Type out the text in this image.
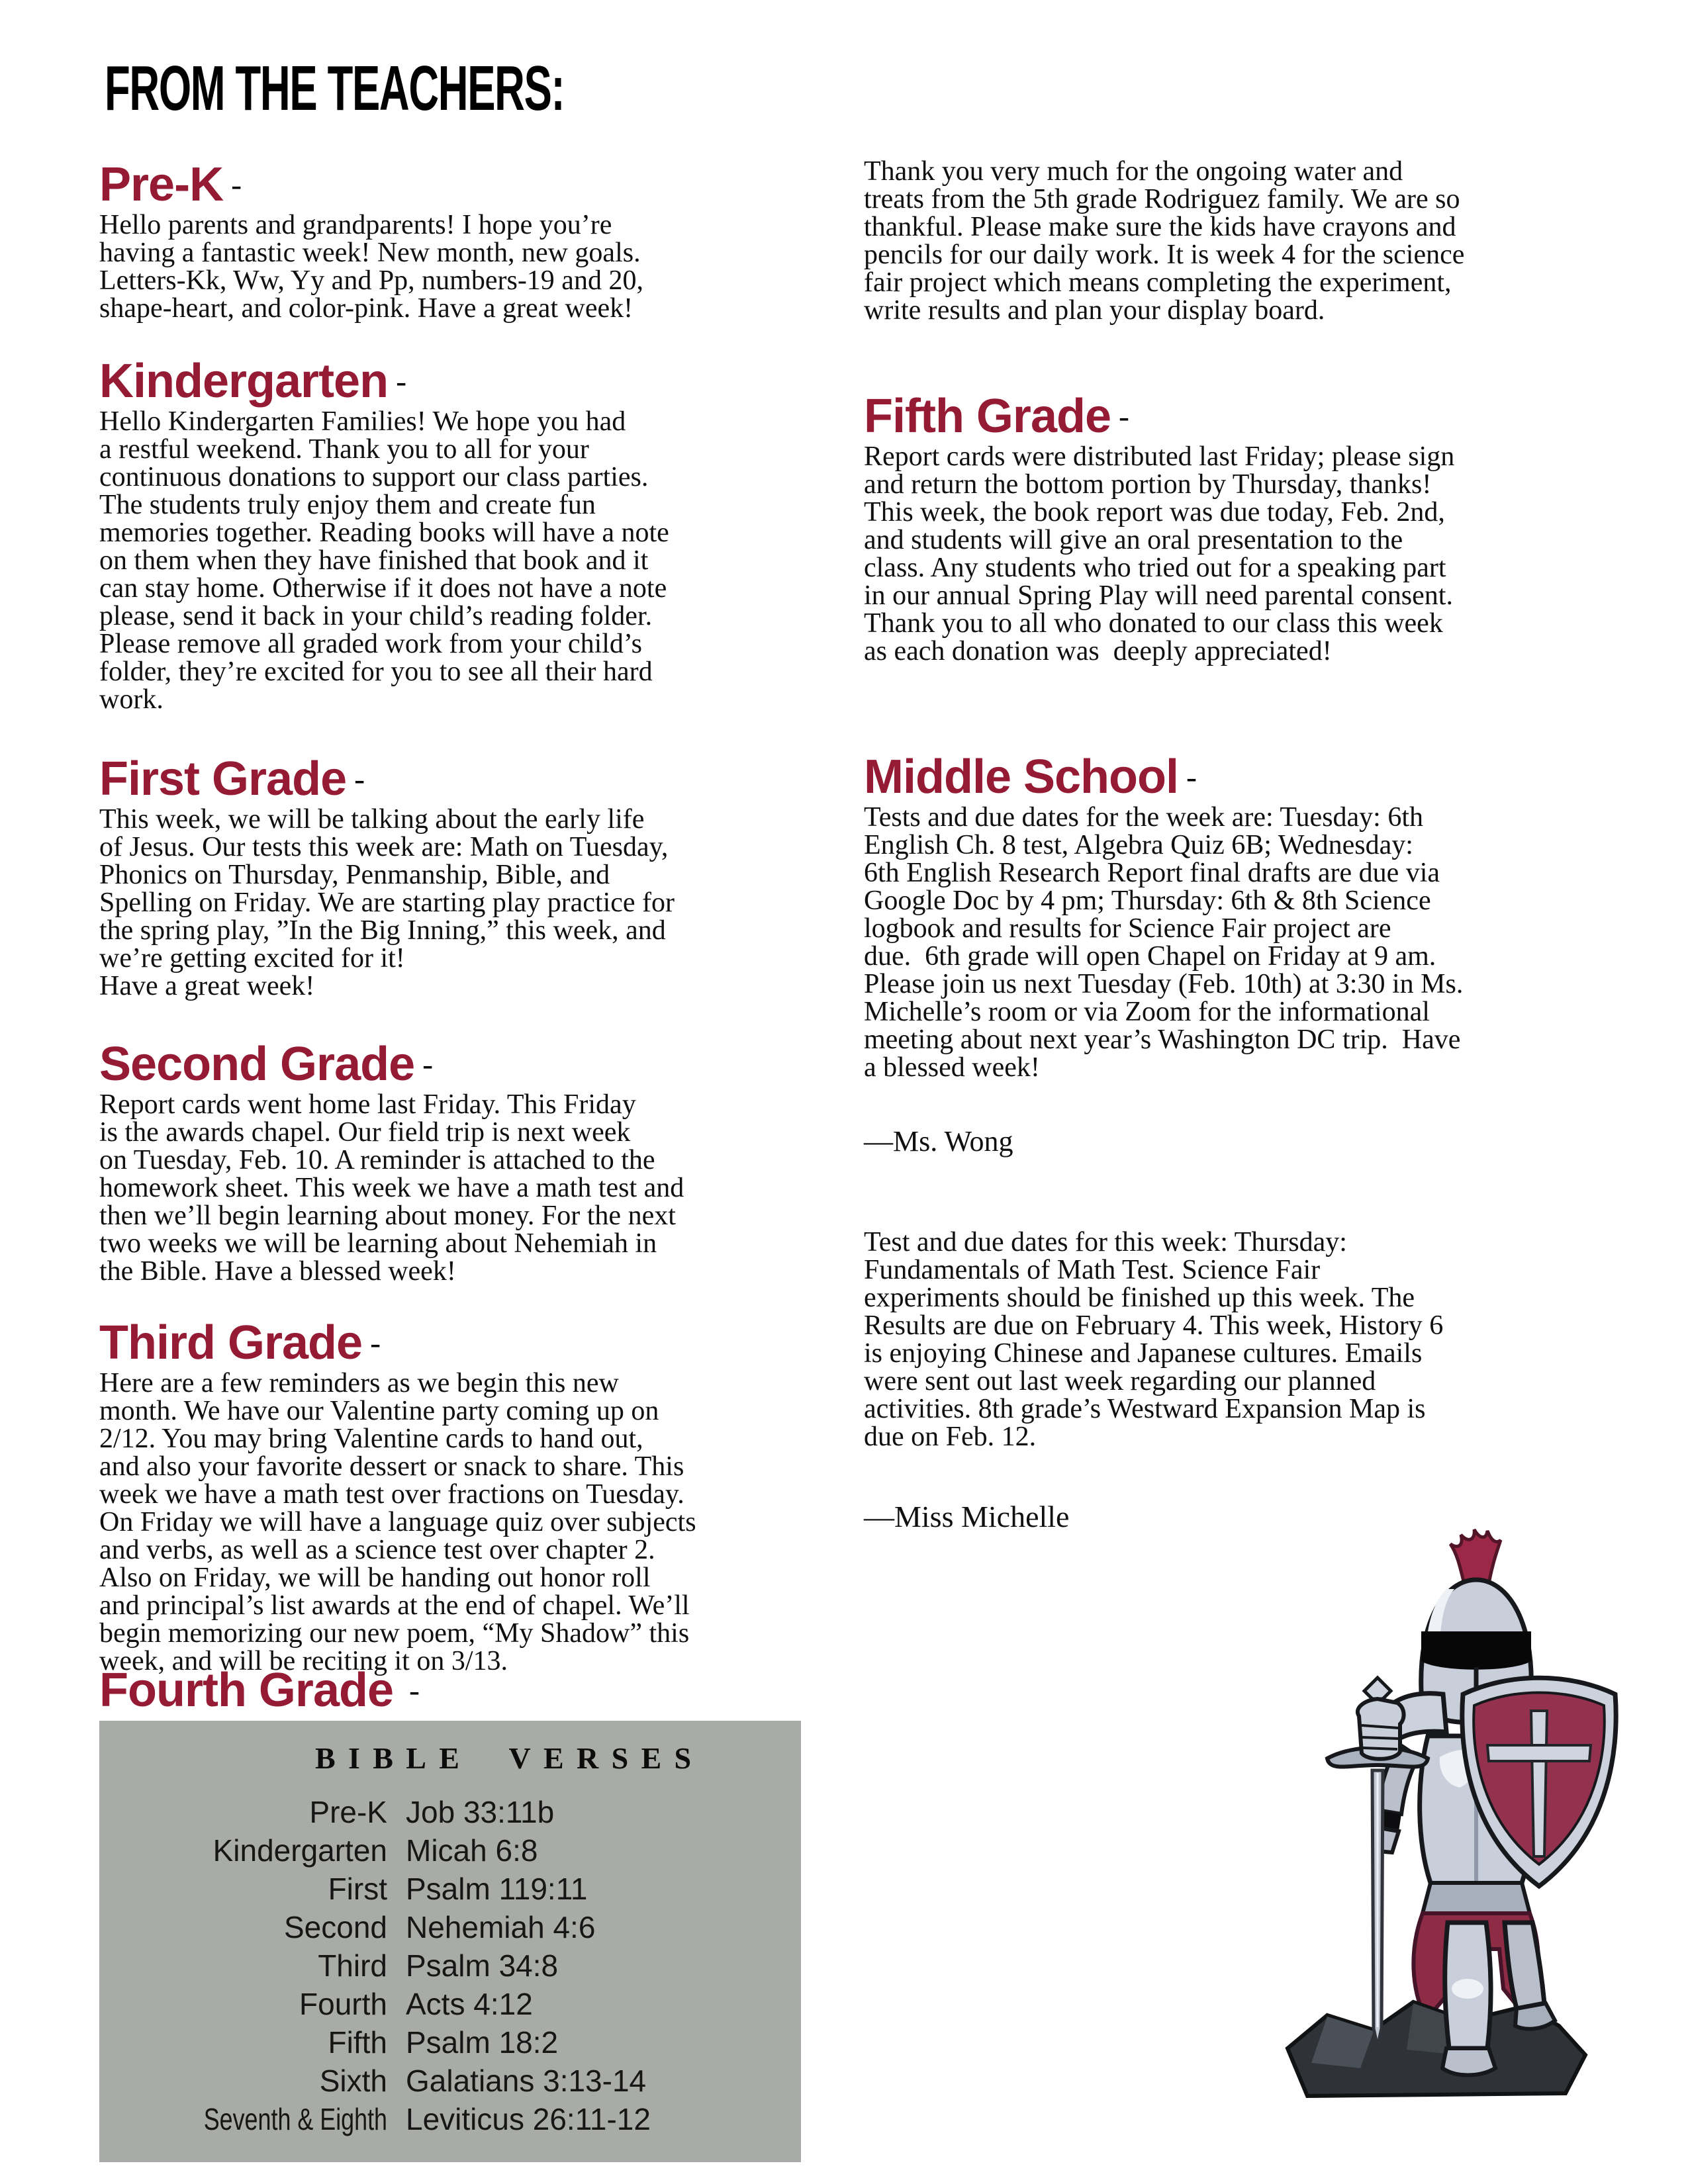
FROM THE TEACHERS:
Pre-K -
Hello parents and grandparents! I hope you’re
having a fantastic week! New month, new goals.
Letters-Kk, Ww, Yy and Pp, numbers-19 and 20,
shape-heart, and color-pink. Have a great week!
Kindergarten -
Hello Kindergarten Families! We hope you had
a restful weekend. Thank you to all for your
continuous donations to support our class parties.
The students truly enjoy them and create fun
memories together. Reading books will have a note
on them when they have finished that book and it
can stay home. Otherwise if it does not have a note
please, send it back in your child’s reading folder.
Please remove all graded work from your child’s
folder, they’re excited for you to see all their hard
work.
First Grade -
This week, we will be talking about the early life
of Jesus. Our tests this week are: Math on Tuesday,
Phonics on Thursday, Penmanship, Bible, and
Spelling on Friday. We are starting play practice for
the spring play, ”In the Big Inning,” this week, and
we’re getting excited for it!
Have a great week!
Second Grade -
Report cards went home last Friday. This Friday
is the awards chapel. Our field trip is next week
on Tuesday, Feb. 10. A reminder is attached to the
homework sheet. This week we have a math test and
then we’ll begin learning about money. For the next
two weeks we will be learning about Nehemiah in
the Bible. Have a blessed week!
Third Grade -
Here are a few reminders as we begin this new
month. We have our Valentine party coming up on
2/12. You may bring Valentine cards to hand out,
and also your favorite dessert or snack to share. This
week we have a math test over fractions on Tuesday.
On Friday we will have a language quiz over subjects
and verbs, as well as a science test over chapter 2.
Also on Friday, we will be handing out honor roll
and principal’s list awards at the end of chapel. We’ll
begin memorizing our new poem, “My Shadow” this
week, and will be reciting it on 3/13.
Fourth Grade -
BIBLE VERSES
Pre-K Job 33:11b
Kindergarten Micah 6:8
First Psalm 119:11
Second Nehemiah 4:6
Third Psalm 34:8
Fourth Acts 4:12
Fifth Psalm 18:2
Sixth Galatians 3:13-14
Seventh & Eighth Leviticus 26:11-12
Thank you very much for the ongoing water and
treats from the 5th grade Rodriguez family. We are so
thankful. Please make sure the kids have crayons and
pencils for our daily work. It is week 4 for the science
fair project which means completing the experiment,
write results and plan your display board.
Fifth Grade -
Report cards were distributed last Friday; please sign
and return the bottom portion by Thursday, thanks!
This week, the book report was due today, Feb. 2nd,
and students will give an oral presentation to the
class. Any students who tried out for a speaking part
in our annual Spring Play will need parental consent.
Thank you to all who donated to our class this week
as each donation was  deeply appreciated!
Middle School -
Tests and due dates for the week are: Tuesday: 6th
English Ch. 8 test, Algebra Quiz 6B; Wednesday:
6th English Research Report final drafts are due via
Google Doc by 4 pm; Thursday: 6th & 8th Science
logbook and results for Science Fair project are
due.  6th grade will open Chapel on Friday at 9 am.
Please join us next Tuesday (Feb. 10th) at 3:30 in Ms.
Michelle’s room or via Zoom for the informational
meeting about next year’s Washington DC trip.  Have
a blessed week!
—Ms. Wong
Test and due dates for this week: Thursday:
Fundamentals of Math Test. Science Fair
experiments should be finished up this week. The
Results are due on February 4. This week, History 6
is enjoying Chinese and Japanese cultures. Emails
were sent out last week regarding our planned
activities. 8th grade’s Westward Expansion Map is
due on Feb. 12.
—Miss Michelle
